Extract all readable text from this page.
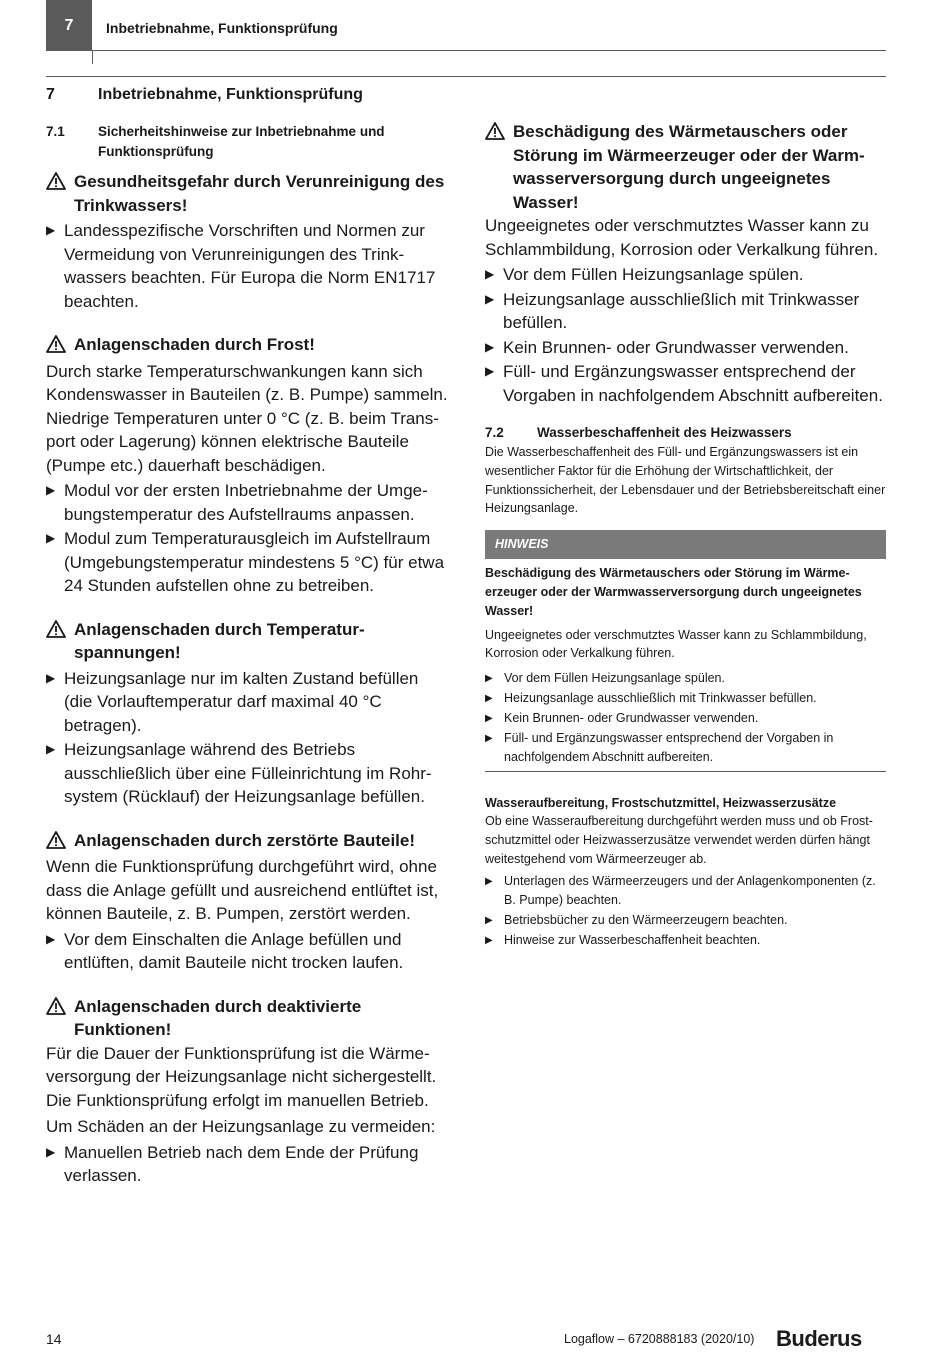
7 Inbetriebnahme, Funktionsprüfung
7	Inbetriebnahme, Funktionsprüfung
7.1	Sicherheitshinweise zur Inbetriebnahme und Funktionsprüfung
Gesundheitsgefahr durch Verunreinigung des Trinkwassers!
▶ Landesspezifische Vorschriften und Normen zur Vermeidung von Verunreinigungen des Trink-wassers beachten. Für Europa die Norm EN1717 beachten.
Anlagenschaden durch Frost!

Durch starke Temperaturschwankungen kann sich Kondenswasser in Bauteilen (z. B. Pumpe) sammeln. Niedrige Temperaturen unter 0 °C (z. B. beim Trans-port oder Lagerung) können elektrische Bauteile (Pumpe etc.) dauerhaft beschädigen.

▶ Modul vor der ersten Inbetriebnahme der Umge-bungstemperatur des Aufstellraums anpassen.
▶ Modul zum Temperaturausgleich im Aufstellraum (Umgebungstemperatur mindestens 5 °C) für etwa 24 Stunden aufstellen ohne zu betreiben.
Anlagenschaden durch Temperatur-spannungen!
▶ Heizungsanlage nur im kalten Zustand befüllen (die Vorlauftemperatur darf maximal 40 °C betragen).
▶ Heizungsanlage während des Betriebs ausschließlich über eine Fülleinrichtung im Rohr-system (Rücklauf) der Heizungsanlage befüllen.
Anlagenschaden durch zerstörte Bauteile!

Wenn die Funktionsprüfung durchgeführt wird, ohne dass die Anlage gefüllt und ausreichend entlüftet ist, können Bauteile, z. B. Pumpen, zerstört werden.

▶ Vor dem Einschalten die Anlage befüllen und entlüften, damit Bauteile nicht trocken laufen.
Anlagenschaden durch deaktivierte Funktionen!

Für die Dauer der Funktionsprüfung ist die Wärme-versorgung der Heizungsanlage nicht sichergestellt. Die Funktionsprüfung erfolgt im manuellen Betrieb.

Um Schäden an der Heizungsanlage zu vermeiden:

▶ Manuellen Betrieb nach dem Ende der Prüfung verlassen.
Beschädigung des Wärmetauschers oder Störung im Wärmeerzeuger oder der Warm-wasserversorgung durch ungeeignetes Wasser!

Ungeeignetes oder verschmutztes Wasser kann zu Schlammbildung, Korrosion oder Verkalkung führen.

▶ Vor dem Füllen Heizungsanlage spülen.
▶ Heizungsanlage ausschließlich mit Trinkwasser befüllen.
▶ Kein Brunnen- oder Grundwasser verwenden.
▶ Füll- und Ergänzungswasser entsprechend der Vorgaben in nachfolgendem Abschnitt aufbereiten.
7.2	Wasserbeschaffenheit des Heizwassers

Die Wasserbeschaffenheit des Füll- und Ergänzungswassers ist ein wesentlicher Faktor für die Erhöhung der Wirtschaftlichkeit, der Funktionssicherheit, der Lebensdauer und der Betriebsbereitschaft einer Heizungsanlage.

HINWEIS
Beschädigung des Wärmetauschers oder Störung im Wärme-erzeuger oder der Warmwasserversorgung durch ungeeignetes Wasser!

Ungeeignetes oder verschmutztes Wasser kann zu Schlammbildung, Korrosion oder Verkalkung führen.

▶ Vor dem Füllen Heizungsanlage spülen.
▶ Heizungsanlage ausschließlich mit Trinkwasser befüllen.
▶ Kein Brunnen- oder Grundwasser verwenden.
▶ Füll- und Ergänzungswasser entsprechend der Vorgaben in nachfolgendem Abschnitt aufbereiten.
Wasseraufbereitung, Frostschutzmittel, Heizwasserzusätze

Ob eine Wasseraufbereitung durchgeführt werden muss und ob Frost-schutzmittel oder Heizwasserzusätze verwendet werden dürfen hängt weitestgehend vom Wärmeerzeuger ab.

▶ Unterlagen des Wärmeerzeugers und der Anlagenkomponenten (z. B. Pumpe) beachten.
▶ Betriebsbücher zu den Wärmeerzeugern beachten.
▶ Hinweise zur Wasserbeschaffenheit beachten.
14	Logaflow – 6720888183 (2020/10) Buderus
